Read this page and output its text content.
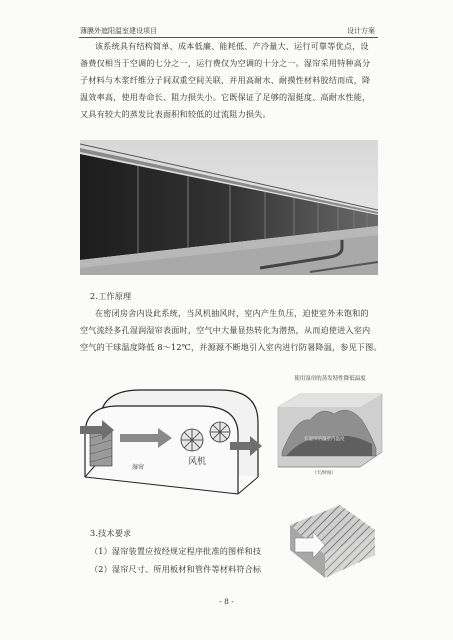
薄膜外遮阳温室建设项目	设计方案
该系统具有结构简单、成本低廉、能耗低、产冷量大、运行可靠等优点，设
备费仅相当于空调的七分之一，运行费仅为空调的十分之一。湿帘采用特种高分
子材料与木浆纤维分子间双重空间关联，并用高耐水、耐摸性材料胶结而成，降
温效率高，使用寿命长、阻力损失小。它既保证了足够的湿挺度、高耐水性能，
又具有较大的蒸发比表面积和较低的过流阻力损失。
2.工作原理
在密闭房舍内设此系统，当风机抽风时，室内产生负压，迫使室外未饱和的
空气流经多孔湿润湿帘表面时，空气中大量显热转化为潜热，从而迫使进入室内
空气的干球温度降低 8～12℃，并源源不断地引入室内进行防暑降温，参见下图。
湿帘
风机
使用湿帘的蒸发特性降低温度
有湿帘的温室内温度
（天/时间）
3.技术要求
（1）湿帘装置应按经规定程序批准的图样和技
（2）湿帘尺寸、所用板材和管件等材料符合标
- 8 -
